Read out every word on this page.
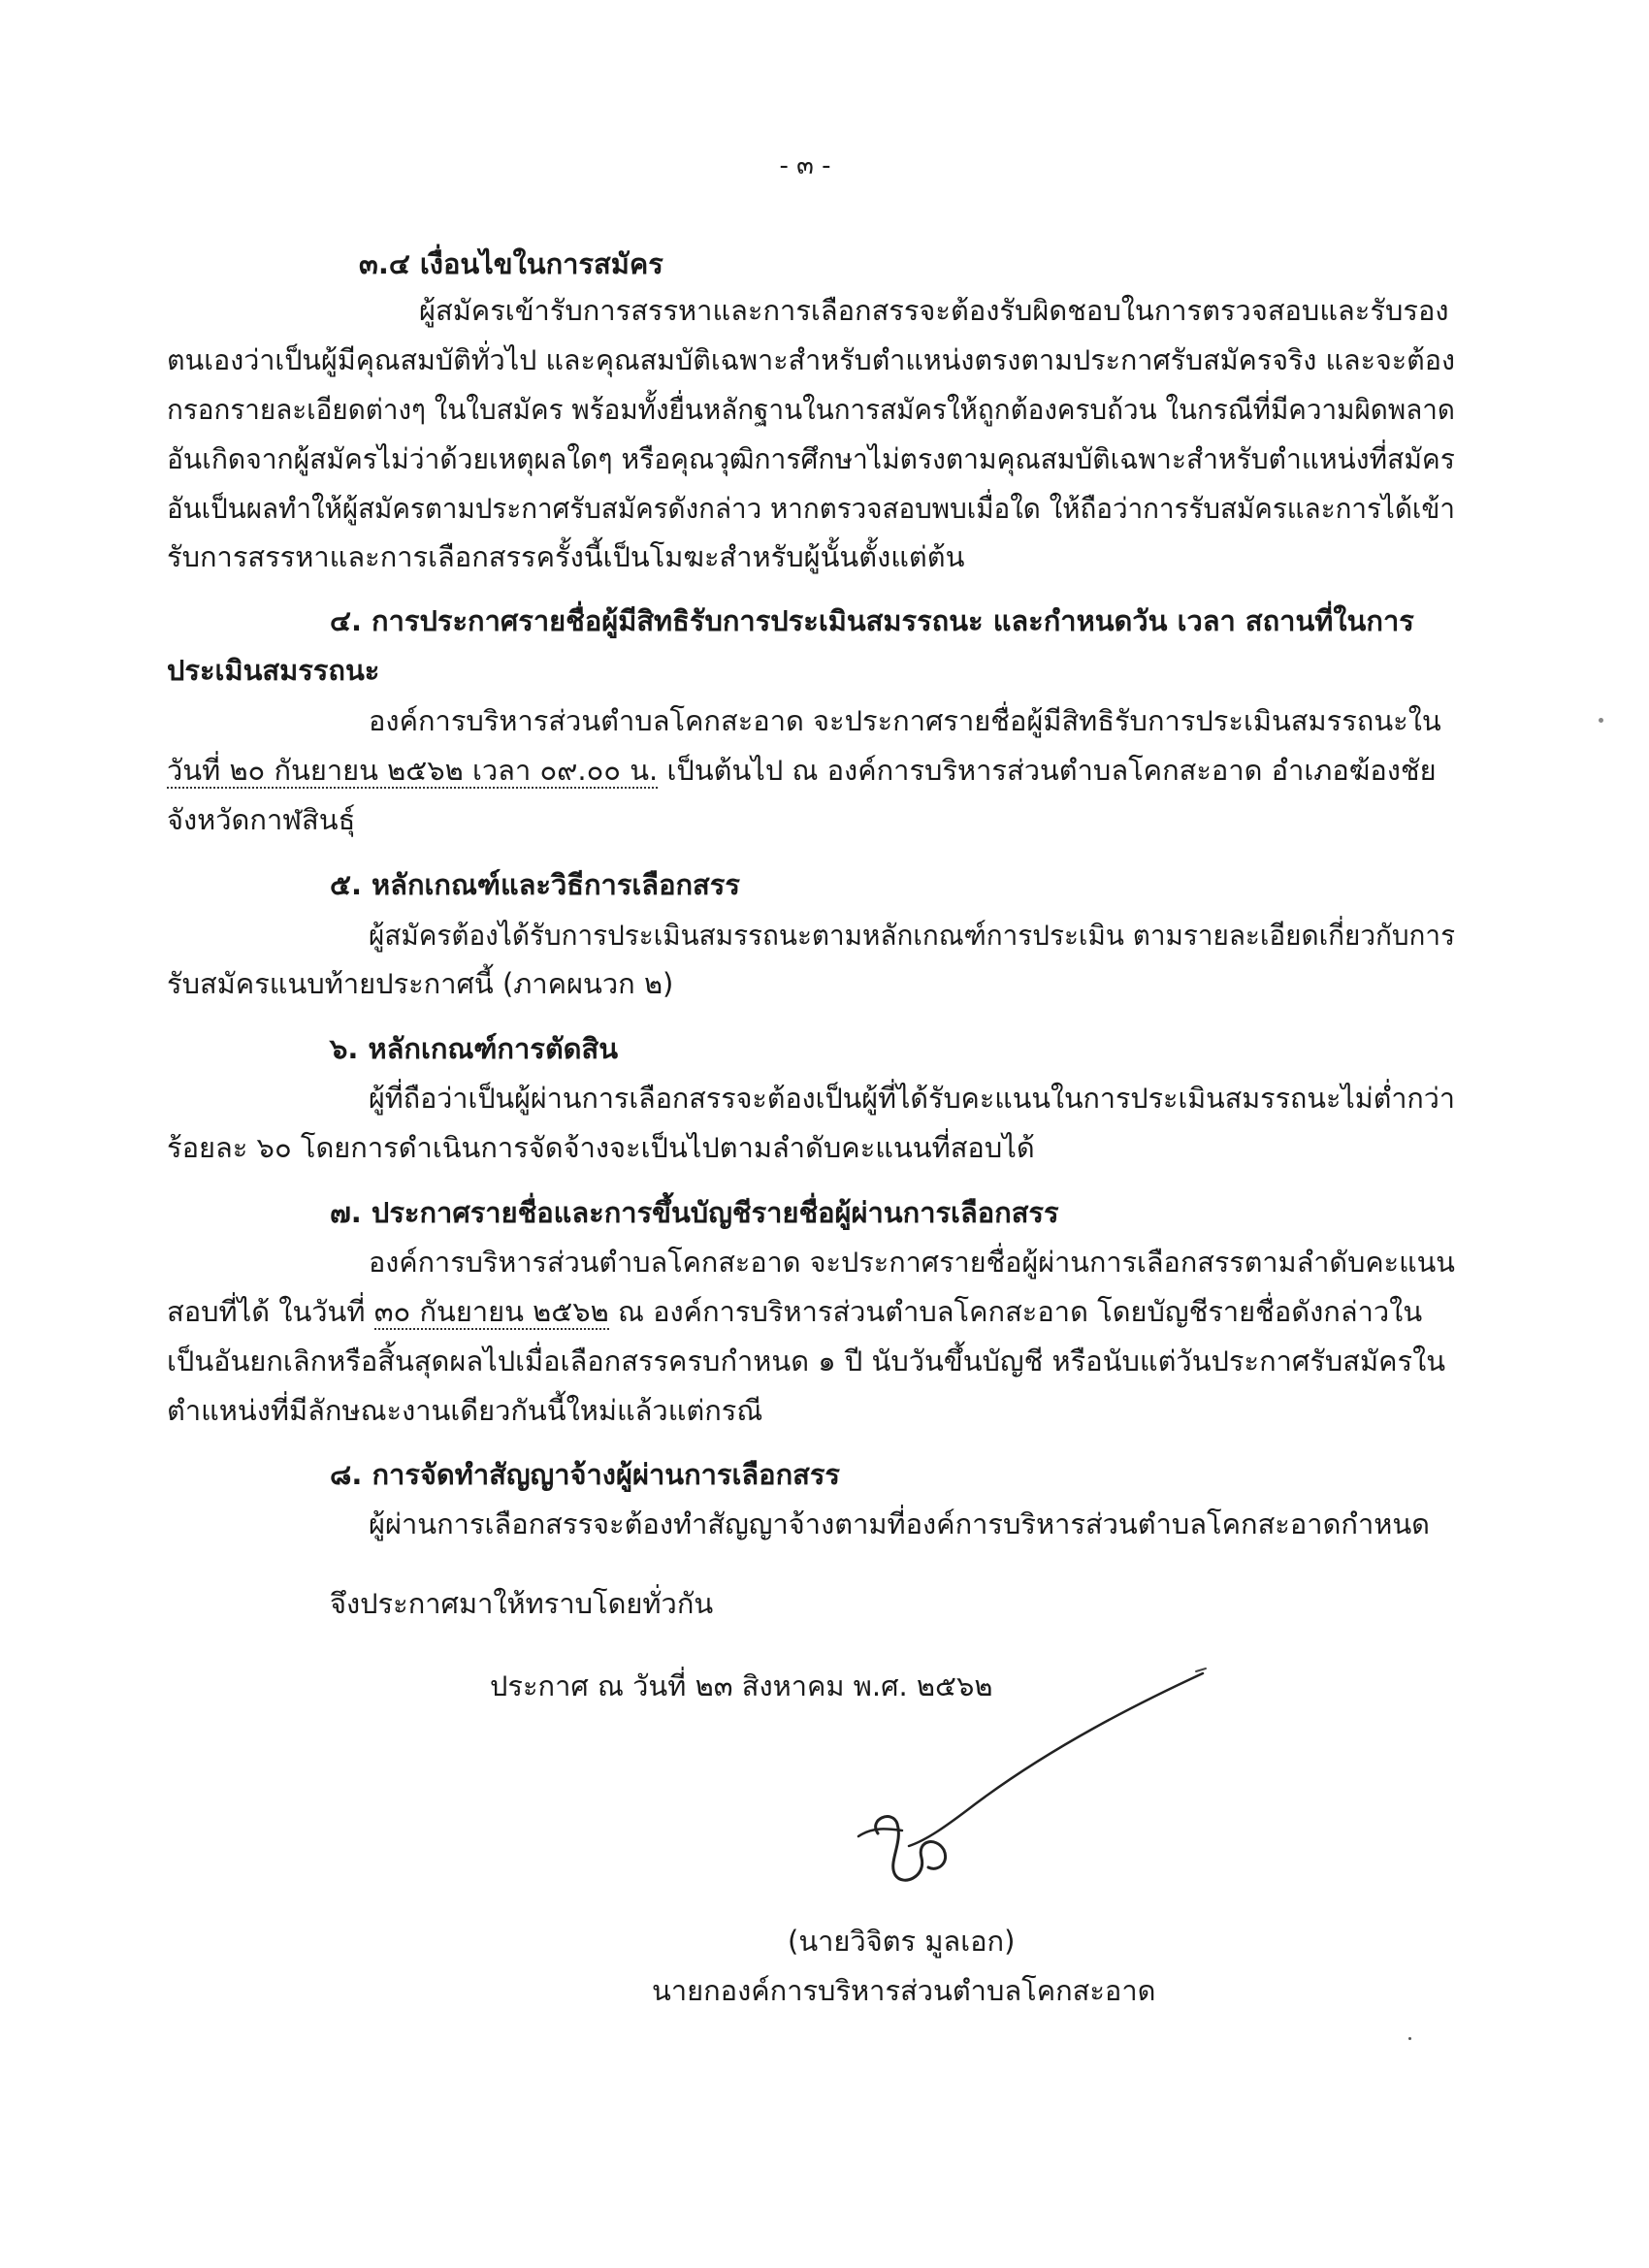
- ๓ -
๓.๔ เงื่อนไขในการสมัคร
ผู้สมัครเข้ารับการสรรหาและการเลือกสรรจะต้องรับผิดชอบในการตรวจสอบและรับรอง
ตนเองว่าเป็นผู้มีคุณสมบัติทั่วไป และคุณสมบัติเฉพาะสำหรับตำแหน่งตรงตามประกาศรับสมัครจริง และจะต้อง
กรอกรายละเอียดต่างๆ ในใบสมัคร พร้อมทั้งยื่นหลักฐานในการสมัครให้ถูกต้องครบถ้วน ในกรณีที่มีความผิดพลาด
อันเกิดจากผู้สมัครไม่ว่าด้วยเหตุผลใดๆ หรือคุณวุฒิการศึกษาไม่ตรงตามคุณสมบัติเฉพาะสำหรับตำแหน่งที่สมัคร
อันเป็นผลทำให้ผู้สมัครตามประกาศรับสมัครดังกล่าว หากตรวจสอบพบเมื่อใด ให้ถือว่าการรับสมัครและการได้เข้า
รับการสรรหาและการเลือกสรรครั้งนี้เป็นโมฆะสำหรับผู้นั้นตั้งแต่ต้น
๔. การประกาศรายชื่อผู้มีสิทธิรับการประเมินสมรรถนะ และกำหนดวัน เวลา สถานที่ในการ
ประเมินสมรรถนะ
องค์การบริหารส่วนตำบลโคกสะอาด จะประกาศรายชื่อผู้มีสิทธิรับการประเมินสมรรถนะใน
วันที่ ๒๐ กันยายน ๒๕๖๒ เวลา ๐๙.๐๐ น. เป็นต้นไป ณ องค์การบริหารส่วนตำบลโคกสะอาด อำเภอฆ้องชัย
จังหวัดกาฬสินธุ์
๕. หลักเกณฑ์และวิธีการเลือกสรร
ผู้สมัครต้องได้รับการประเมินสมรรถนะตามหลักเกณฑ์การประเมิน ตามรายละเอียดเกี่ยวกับการ
รับสมัครแนบท้ายประกาศนี้ (ภาคผนวก ๒)
๖. หลักเกณฑ์การตัดสิน
ผู้ที่ถือว่าเป็นผู้ผ่านการเลือกสรรจะต้องเป็นผู้ที่ได้รับคะแนนในการประเมินสมรรถนะไม่ต่ำกว่า
ร้อยละ ๖๐ โดยการดำเนินการจัดจ้างจะเป็นไปตามลำดับคะแนนที่สอบได้
๗. ประกาศรายชื่อและการขึ้นบัญชีรายชื่อผู้ผ่านการเลือกสรร
องค์การบริหารส่วนตำบลโคกสะอาด จะประกาศรายชื่อผู้ผ่านการเลือกสรรตามลำดับคะแนน
สอบที่ได้ ในวันที่ ๓๐ กันยายน ๒๕๖๒ ณ องค์การบริหารส่วนตำบลโคกสะอาด โดยบัญชีรายชื่อดังกล่าวใน
เป็นอันยกเลิกหรือสิ้นสุดผลไปเมื่อเลือกสรรครบกำหนด ๑ ปี นับวันขึ้นบัญชี หรือนับแต่วันประกาศรับสมัครใน
ตำแหน่งที่มีลักษณะงานเดียวกันนี้ใหม่แล้วแต่กรณี
๘. การจัดทำสัญญาจ้างผู้ผ่านการเลือกสรร
ผู้ผ่านการเลือกสรรจะต้องทำสัญญาจ้างตามที่องค์การบริหารส่วนตำบลโคกสะอาดกำหนด
จึงประกาศมาให้ทราบโดยทั่วกัน
ประกาศ ณ วันที่ ๒๓ สิงหาคม พ.ศ. ๒๕๖๒
(นายวิจิตร มูลเอก)
นายกองค์การบริหารส่วนตำบลโคกสะอาด
